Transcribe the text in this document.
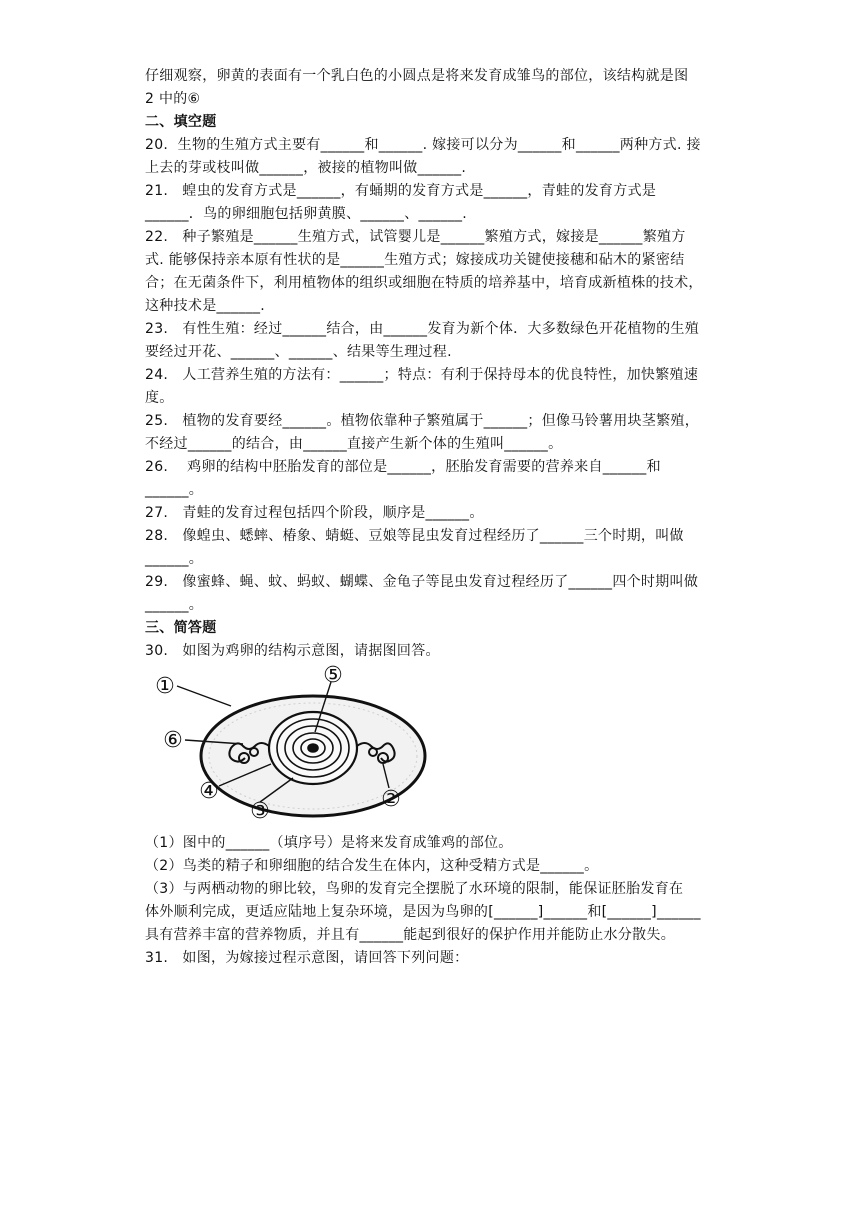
仔细观察，卵黄的表面有一个乳白色的小圆点是将来发育成雏鸟的部位，该结构就是图
2 中的⑥
二、填空题
20.  生物的生殖方式主要有______和______. 嫁接可以分为______和______两种方式. 接
上去的芽或枝叫做______，被接的植物叫做______.
21.   蝗虫的发育方式是______，有蛹期的发育方式是______，青蛙的发育方式是
______．鸟的卵细胞包括卵黄膜、______、______.
22.   种子繁殖是______生殖方式，试管婴儿是______繁殖方式，嫁接是______繁殖方
式. 能够保持亲本原有性状的是______生殖方式；嫁接成功关键使接穗和砧木的紧密结
合；在无菌条件下，利用植物体的组织或细胞在特质的培养基中，培育成新植株的技术，
这种技术是______.
23.   有性生殖：经过______结合，由______发育为新个体．大多数绿色开花植物的生殖
要经过开花、______、______、结果等生理过程.
24.   人工营养生殖的方法有：______；特点：有利于保持母本的优良特性，加快繁殖速
度。
25.   植物的发育要经______。植物依靠种子繁殖属于______；但像马铃薯用块茎繁殖，
不经过______的结合，由______直接产生新个体的生殖叫______。
26.    鸡卵的结构中胚胎发育的部位是______，胚胎发育需要的营养来自______和
______。
27.   青蛙的发育过程包括四个阶段，顺序是______。
28.   像蝗虫、蟋蟀、椿象、蜻蜓、豆娘等昆虫发育过程经历了______三个时期，叫做
______。
29.   像蜜蜂、蝇、蚊、蚂蚁、蝴蝶、金龟子等昆虫发育过程经历了______四个时期叫做
______。
三、简答题
30.   如图为鸡卵的结构示意图，请据图回答。
①	⑤
⑥
④
③	②
（1）图中的______（填序号）是将来发育成雏鸡的部位。
（2）鸟类的精子和卵细胞的结合发生在体内，这种受精方式是______。
（3）与两栖动物的卵比较，鸟卵的发育完全摆脱了水环境的限制，能保证胚胎发育在
体外顺利完成，更适应陆地上复杂环境，是因为鸟卵的[______]______和[______]______
具有营养丰富的营养物质，并且有______能起到很好的保护作用并能防止水分散失。
31.   如图，为嫁接过程示意图，请回答下列问题：
